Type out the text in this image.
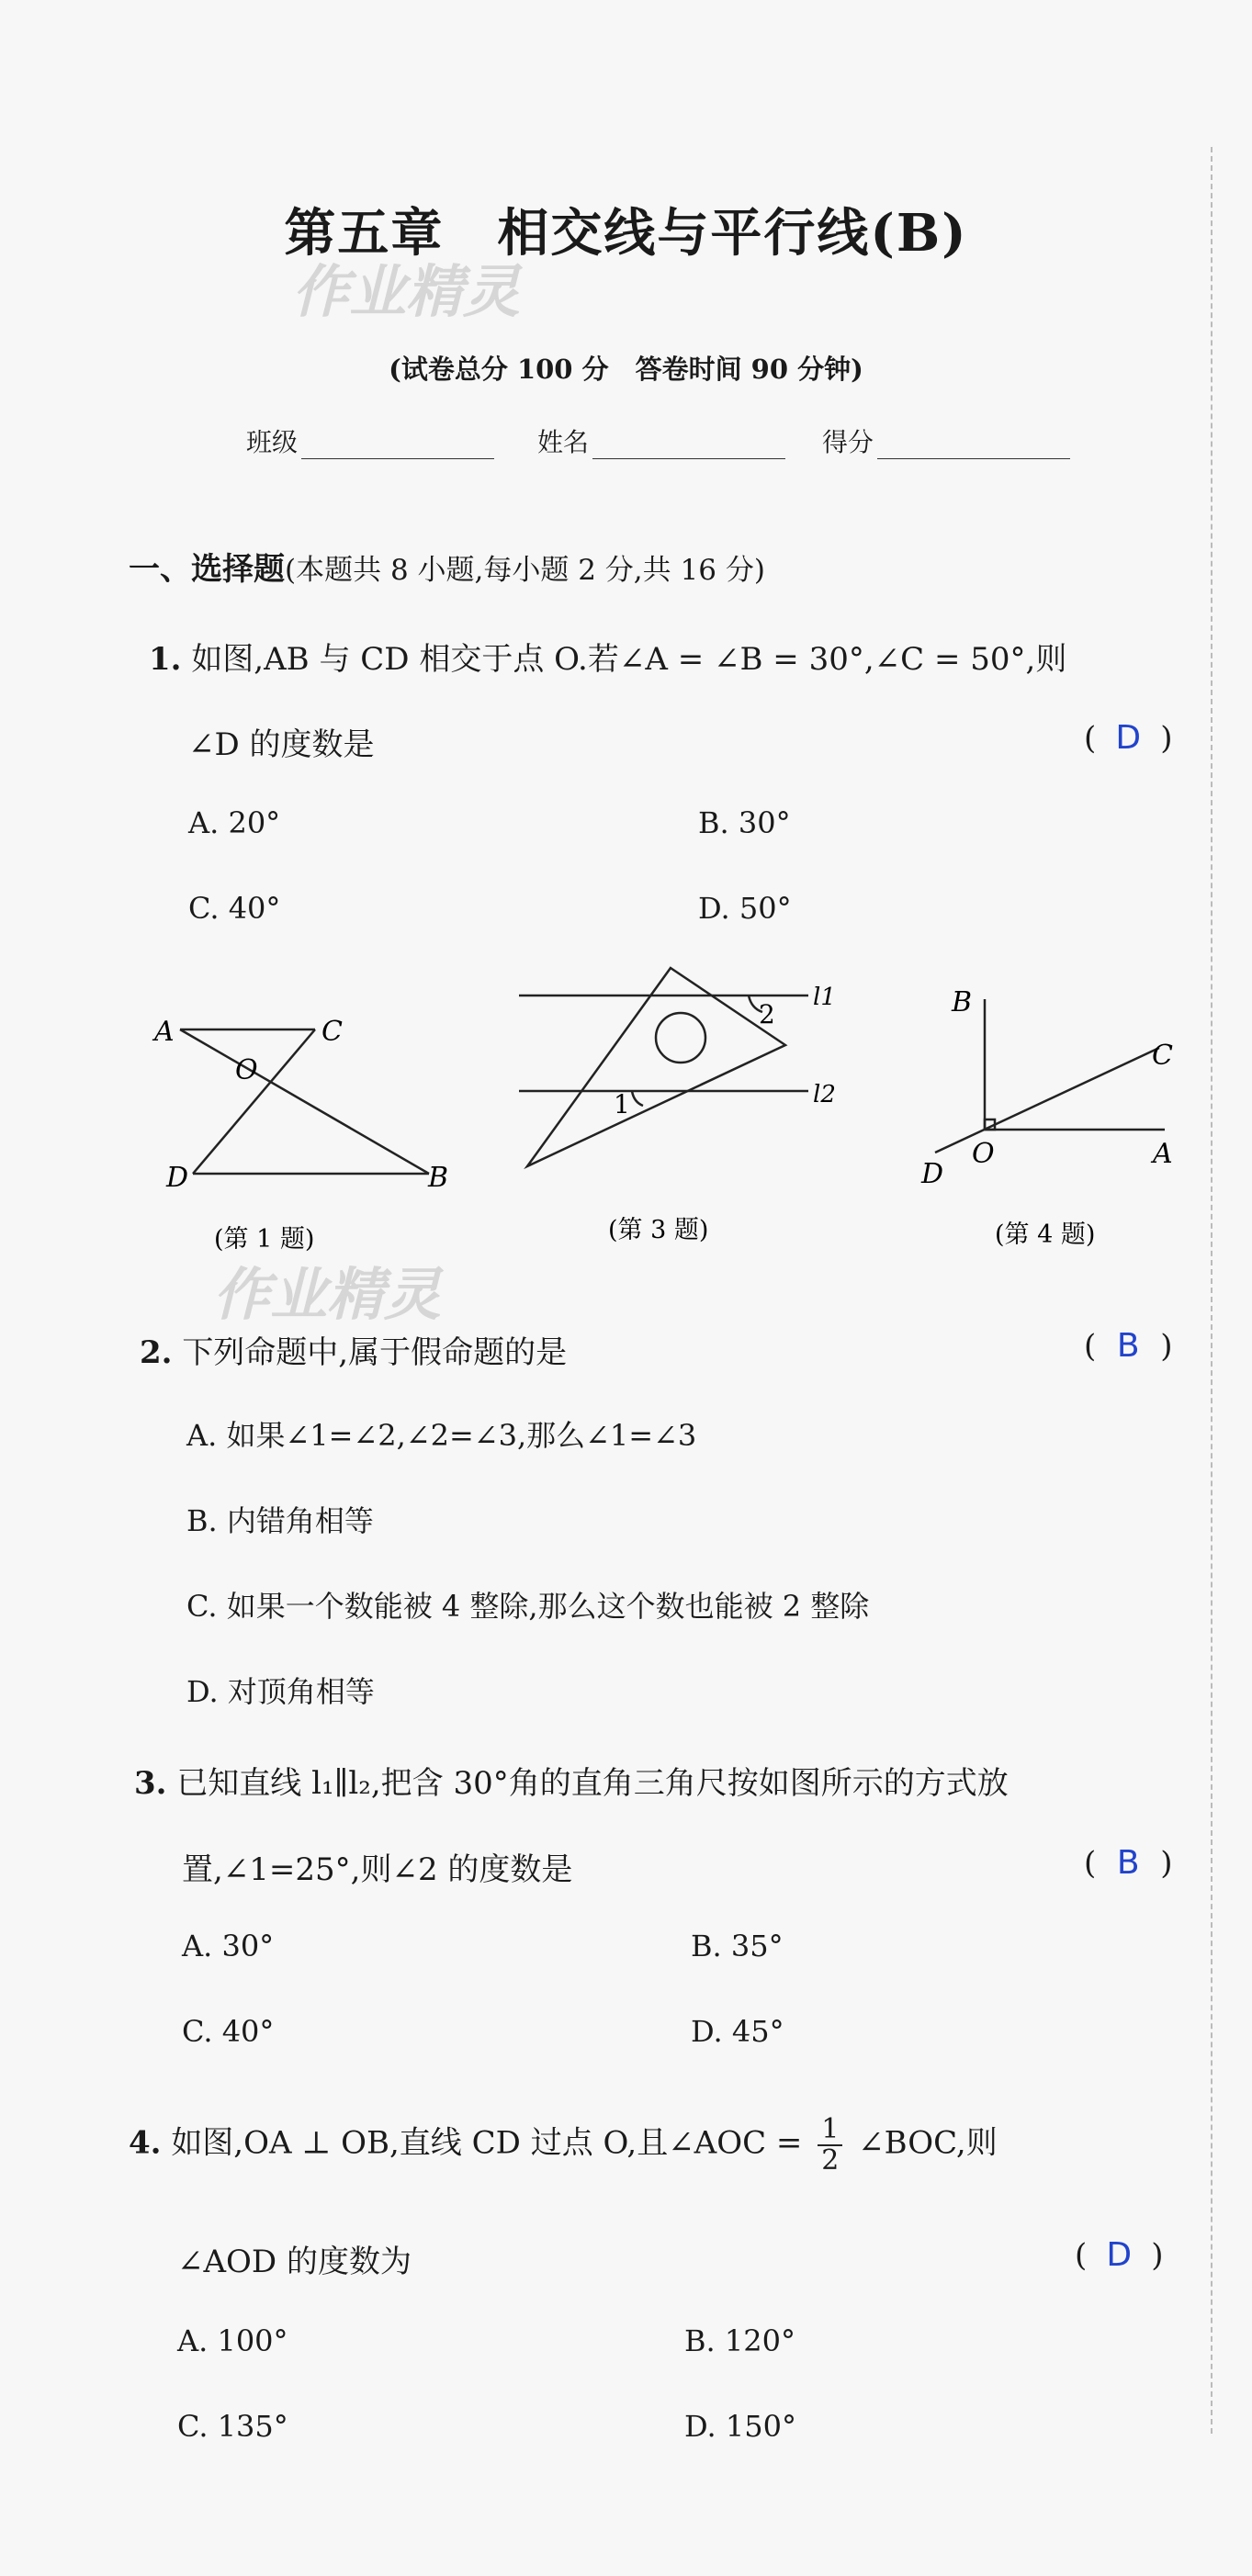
第五章　相交线与平行线(B)
作业精灵
(试卷总分 100 分　答卷时间 90 分钟)
班级	姓名	得分
一、选择题(本题共 8 小题,每小题 2 分,共 16 分)
1. 如图,AB 与 CD 相交于点 O.若∠A = ∠B = 30°,∠C = 50°,则
∠D 的度数是	( D )
A. 20°	B. 30°
C. 40°	D. 50°
A	C
O
D	B
l1
l2
2
1
B
C
O	A
D
(第 1 题)	(第 3 题)	(第 4 题)
作业精灵
2. 下列命题中,属于假命题的是	( B )
A. 如果∠1=∠2,∠2=∠3,那么∠1=∠3
B. 内错角相等
C. 如果一个数能被 4 整除,那么这个数也能被 2 整除
D. 对顶角相等
3. 已知直线 l₁∥l₂,把含 30°角的直角三角尺按如图所示的方式放
置,∠1=25°,则∠2 的度数是	( B )
A. 30°	B. 35°
C. 40°	D. 45°
4. 如图,OA ⊥ OB,直线 CD 过点 O,且∠AOC = $\frac{1}{2}$ ∠BOC,则
∠AOD 的度数为	( D )
A. 100°	B. 120°
C. 135°	D. 150°
